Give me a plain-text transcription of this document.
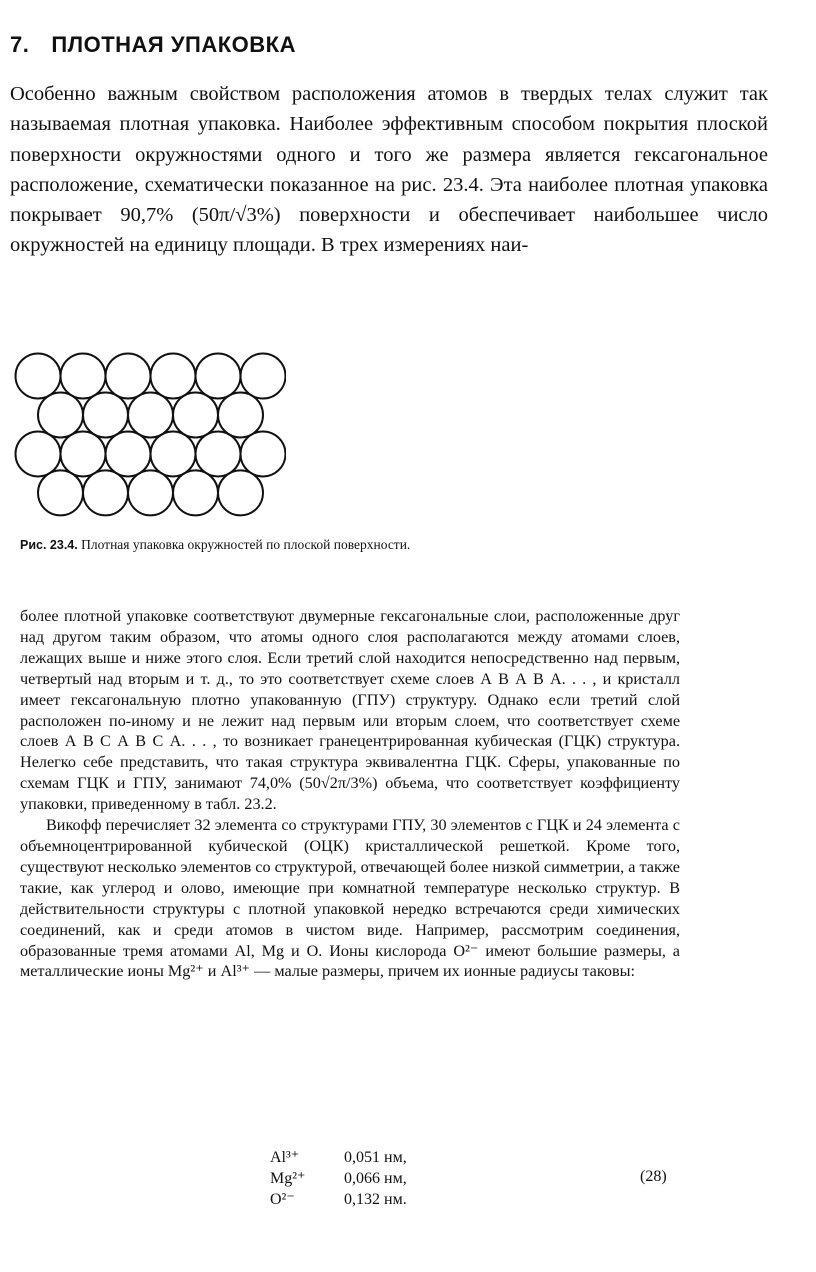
7. ПЛОТНАЯ УПАКОВКА

Особенно важным свойством расположения атомов в твердых телах служит так называемая плотная упаковка. Наиболее эффективным способом покрытия плоской поверхности окружностями одного и того же размера является гексагональное расположение, схематически показанное на рис. 23.4. Эта наиболее плотная упаковка покрывает 90,7% (50π/√3%) поверхности и обеспечивает наибольшее число окружностей на единицу площади. В трех измерениях наи-

Рис. 23.4. Плотная упаковка окружностей по плоской поверхности.

более плотной упаковке соответствуют двумерные гексагональные слои, расположенные друг над другом таким образом, что атомы одного слоя располагаются между атомами слоев, лежащих выше и ниже этого слоя. Если третий слой находится непосредственно над первым, четвертый над вторым и т. д., то это соответствует схеме слоев А В А В А. . . , и кристалл имеет гексагональную плотно упакованную (ГПУ) структуру. Однако если третий слой расположен по-иному и не лежит над первым или вторым слоем, что соответствует схеме слоев А В С А В С А. . . , то возникает гранецентрированная кубическая (ГЦК) структура. Нелегко себе представить, что такая структура эквивалентна ГЦК. Сферы, упакованные по схемам ГЦК и ГПУ, занимают 74,0% (50√2π/3%) объема, что соответствует коэффициенту упаковки, приведенному в табл. 23.2.

Викофф перечисляет 32 элемента со структурами ГПУ, 30 элементов с ГЦК и 24 элемента с объемноцентрированной кубической (ОЦК) кристаллической решеткой. Кроме того, существуют несколько элементов со структурой, отвечающей более низкой симметрии, а также такие, как углерод и олово, имеющие при комнатной температуре несколько структур. В действительности структуры с плотной упаковкой нередко встречаются среди химических соединений, как и среди атомов в чистом виде. Например, рассмотрим соединения, образованные тремя атомами Al, Mg и O. Ионы кислорода O²⁻ имеют большие размеры, а металлические ионы Mg²⁺ и Al³⁺ — малые размеры, причем их ионные радиусы таковы:

Al³⁺	0,051 нм,
Mg²⁺	0,066 нм,
O²⁻	0,132 нм.
(28)
